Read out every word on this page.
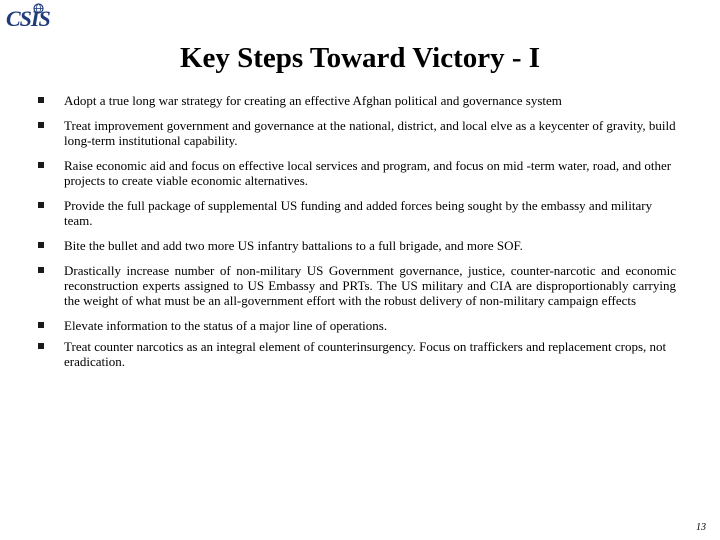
CSIS
Key Steps Toward Victory - I
Adopt a true long war strategy for creating an effective Afghan political and governance system
Treat improvement government and governance at the national, district, and local elve as a keycenter of gravity, build long-term institutional capability.
Raise economic aid and focus on effective local services and program, and focus on mid -term water, road, and other projects to create viable economic alternatives.
Provide the full package of supplemental US funding and added forces being sought by the embassy and military team.
Bite the bullet and add two more US infantry battalions to a full brigade, and more SOF.
Drastically increase number of non-military US Government governance, justice, counter-narcotic and economic reconstruction experts assigned to US Embassy and PRTs. The US military and CIA are disproportionably carrying the weight of what must be an all-government effort with the robust delivery of non-military campaign effects
Elevate information to the status of a major line of operations.
Treat counter narcotics as an integral element of counterinsurgency. Focus on traffickers and replacement crops, not eradication.
13
